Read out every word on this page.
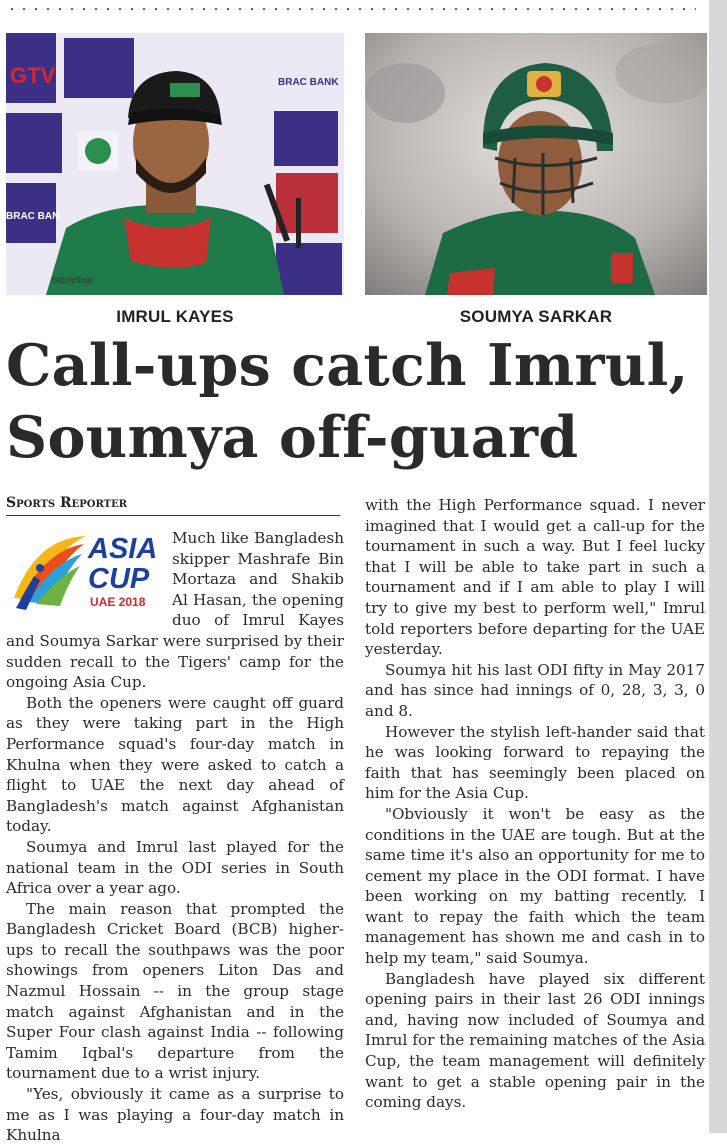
GTV	BRAC BANK
BRAC BAN
bdcrictime
IMRUL KAYES	SOUMYA SARKAR
Call-ups catch Imrul,
Soumya off-guard
Sports Reporter
ASIA
CUP
UAE 2018

Much like Bangladesh skipper Mashrafe Bin Mortaza and Shakib Al Hasan, the opening duo of Imrul Kayes and Soumya Sarkar were surprised by their sudden recall to the Tigers' camp for the ongoing Asia Cup.

Both the openers were caught off guard as they were taking part in the High Performance squad's four-day match in Khulna when they were asked to catch a flight to UAE the next day ahead of Bangladesh's match against Afghanistan today.

Soumya and Imrul last played for the national team in the ODI series in South Africa over a year ago.

The main reason that prompted the Bangladesh Cricket Board (BCB) higher-ups to recall the southpaws was the poor showings from openers Liton Das and Nazmul Hossain -- in the group stage match against Afghanistan and in the Super Four clash against India -- following Tamim Iqbal's departure from the tournament due to a wrist injury.

"Yes, obviously it came as a surprise to me as I was playing a four-day match in Khulna

with the High Performance squad. I never imagined that I would get a call-up for the tournament in such a way. But I feel lucky that I will be able to take part in such a tournament and if I am able to play I will try to give my best to perform well," Imrul told reporters before departing for the UAE yesterday.

Soumya hit his last ODI fifty in May 2017 and has since had innings of 0, 28, 3, 3, 0 and 8.

However the stylish left-hander said that he was looking forward to repaying the faith that has seemingly been placed on him for the Asia Cup.

"Obviously it won't be easy as the conditions in the UAE are tough. But at the same time it's also an opportunity for me to cement my place in the ODI format. I have been working on my batting recently. I want to repay the faith which the team management has shown me and cash in to help my team," said Soumya.

Bangladesh have played six different opening pairs in their last 26 ODI innings and, having now included of Soumya and Imrul for the remaining matches of the Asia Cup, the team management will definitely want to get a stable opening pair in the coming days.
